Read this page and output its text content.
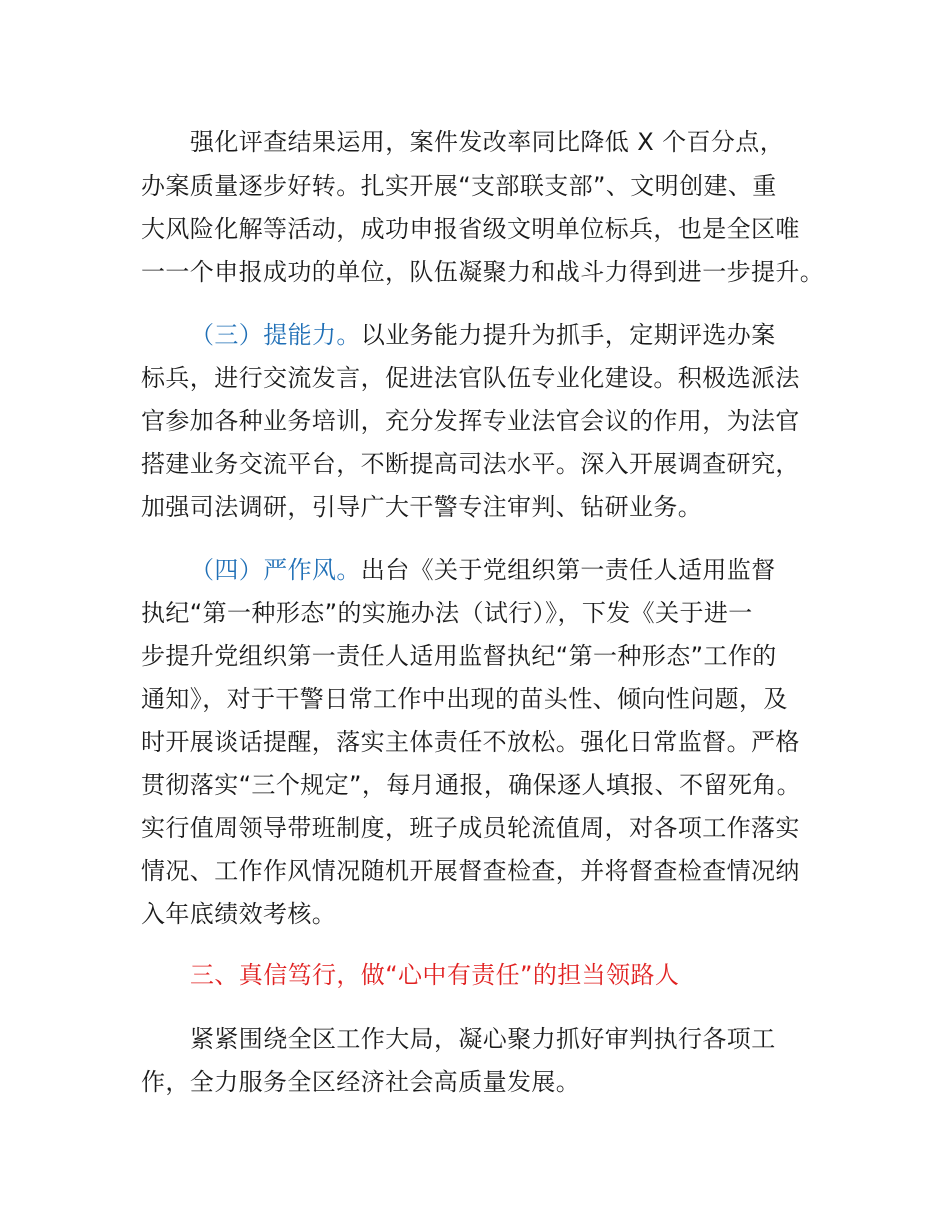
强化评查结果运用，案件发改率同比降低 X 个百分点，
办案质量逐步好转。扎实开展“支部联支部”、文明创建、重
大风险化解等活动，成功申报省级文明单位标兵，也是全区唯
一一个申报成功的单位，队伍凝聚力和战斗力得到进一步提升。
（三）提能力。以业务能力提升为抓手，定期评选办案
标兵，进行交流发言，促进法官队伍专业化建设。积极选派法
官参加各种业务培训，充分发挥专业法官会议的作用，为法官
搭建业务交流平台，不断提高司法水平。深入开展调查研究，
加强司法调研，引导广大干警专注审判、钻研业务。
（四）严作风。出台《关于党组织第一责任人适用监督
执纪“第一种形态”的实施办法（试行）》，下发《关于进一
步提升党组织第一责任人适用监督执纪“第一种形态”工作的
通知》，对于干警日常工作中出现的苗头性、倾向性问题，及
时开展谈话提醒，落实主体责任不放松。强化日常监督。严格
贯彻落实“三个规定”，每月通报，确保逐人填报、不留死角。
实行值周领导带班制度，班子成员轮流值周，对各项工作落实
情况、工作作风情况随机开展督查检查，并将督查检查情况纳
入年底绩效考核。
三、真信笃行，做“心中有责任”的担当领路人
紧紧围绕全区工作大局，凝心聚力抓好审判执行各项工
作，全力服务全区经济社会高质量发展。
